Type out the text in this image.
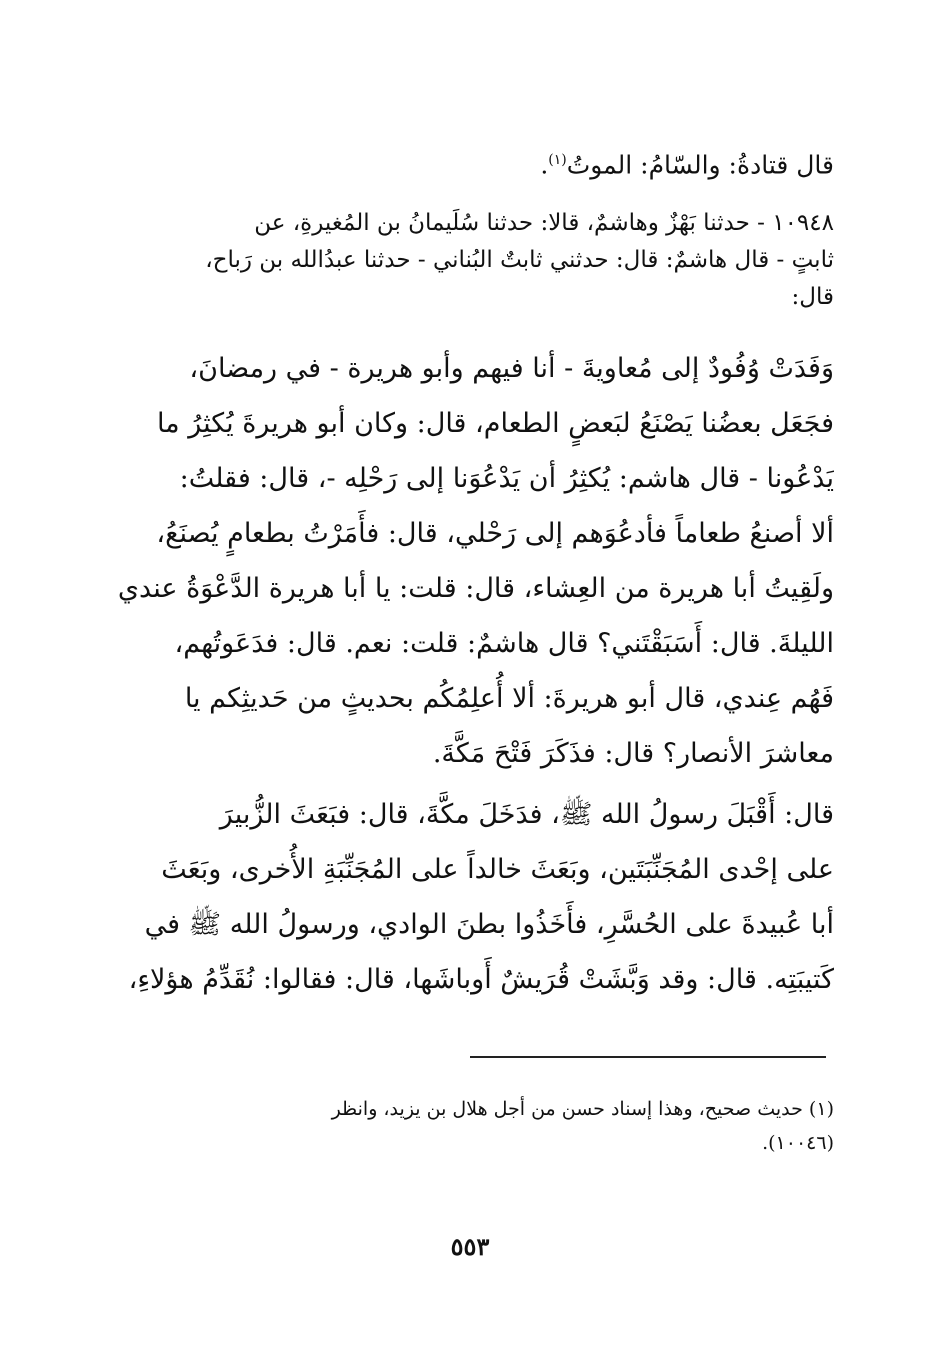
قال قتادةُ: والسّامُ: الموتُ$^{(١)}$.
١٠٩٤٨ - حدثنا بَهْزٌ وهاشمٌ، قالا: حدثنا سُلَيمانُ بن المُغيرةِ، عن
ثابتٍ - قال هاشمٌ: قال: حدثني ثابتٌ البُناني - حدثنا عبدُالله بن رَباح،
قال:
وَفَدَتْ وُفُودٌ إلى مُعاويةَ - أنا فيهم وأبو هريرة - في رمضانَ،
فجَعَل بعضُنا يَصْنَعُ لبَعضٍ الطعام، قال: وكان أبو هريرةَ يُكثِرُ ما
يَدْعُونا - قال هاشم: يُكثِرُ أن يَدْعُوَنا إلى رَحْلِه -، قال: فقلتُ:
ألا أصنعُ طعاماً فأدعُوَهم إلى رَحْلي، قال: فأَمَرْتُ بطعامٍ يُصنَعُ،
ولَقِيتُ أبا هريرة من العِشاء، قال: قلت: يا أبا هريرة الدَّعْوَةُ عندي
الليلةَ. قال: أَسَبَقْتَني؟ قال هاشمٌ: قلت: نعم. قال: فدَعَوتُهم،
فَهُم عِندي، قال أبو هريرةَ: ألا أُعلِمُكُم بحديثٍ من حَديثِكم يا
معاشرَ الأنصار؟ قال: فذَكَرَ فَتْحَ مَكَّةَ.
قال: أَقْبَلَ رسولُ الله ﷺ، فدَخَلَ مكَّةَ، قال: فبَعَثَ الزُّبيرَ
على إحْدى المُجَنِّبَتَين، وبَعَثَ خالداً على المُجَنِّبَةِ الأُخرى، وبَعَثَ
أبا عُبيدةَ على الحُسَّرِ، فأَخَذُوا بطنَ الوادي، ورسولُ الله ﷺ في
كَتيبَتِه. قال: وقد وَبَّشَتْ قُرَيشٌ أَوباشَها، قال: فقالوا: نُقَدِّمُ هؤلاءِ،
(١) حديث صحيح، وهذا إسناد حسن من أجل هلال بن يزيد، وانظر
(١٠٠٤٦).
٥٥٣
